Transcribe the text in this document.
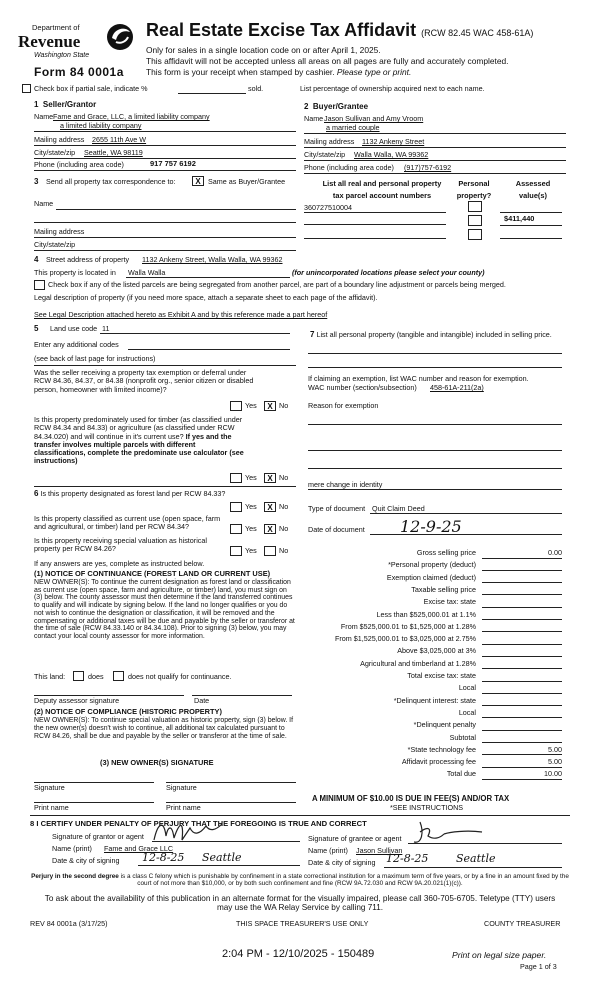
Department of
Revenue
Washington State
Form 84 0001a
Real Estate Excise Tax Affidavit (RCW 82.45 WAC 458-61A)
Only for sales in a single location code on or after April 1, 2025.
This affidavit will not be accepted unless all areas on all pages are fully and accurately completed.
This form is your receipt when stamped by cashier. Please type or print.
Check box if partial sale, indicate %	sold.	List percentage of ownership acquired next to each name.
1 Seller/Grantor
Name Fame and Grace, LLC, a limited liability company
a limited liability company
Mailing address 2655 11th Ave W
City/state/zip Seattle, WA 98119
Phone (including area code)	917 757 6192
2 Buyer/Grantee
Name Jason Sullivan and Amy Vroom
a married couple
Mailing address 1132 Ankeny Street
City/state/zip Walla Walla, WA 99362
Phone (including area code) (917)757-6192
3 Send all property tax correspondence to:	X	Same as Buyer/Grantee
Name
Mailing address
City/state/zip
List all real and personal property
tax parcel account numbers
Personal
property?
Assessed
value(s)
360727510004
$411,440
4 Street address of property 1132 Ankeny Street, Walla Walla, WA 99362
This property is located in Walla Walla	(for unincorporated locations please select your county)
Check box if any of the listed parcels are being segregated from another parcel, are part of a boundary line adjustment or parcels being merged.
Legal description of property (if you need more space, attach a separate sheet to each page of the affidavit).
See Legal Description attached hereto as Exhibit A and by this reference made a part hereof
5 Land use code 11
Enter any additional codes
(see back of last page for instructions)
Was the seller receiving a property tax exemption or deferral under RCW 84.36, 84.37, or 84.38 (nonprofit org., senior citizen or disabled person, homeowner with limited income)?
Yes	X No
Is this property predominately used for timber (as classified under RCW 84.34 and 84.33) or agriculture (as classified under RCW 84.34.020) and will continue in it's current use? If yes and the transfer involves multiple parcels with different classifications, complete the predominate use calculator (see instructions)
Yes	X No
6 Is this property designated as forest land per RCW 84.33?
Yes	X No
Is this property classified as current use (open space, farm and agricultural, or timber) land per RCW 84.34?	Yes	X No
Is this property receiving special valuation as historical property per RCW 84.26?	Yes	No
If any answers are yes, complete as instructed below.
(1) NOTICE OF CONTINUANCE (FOREST LAND OR CURRENT USE)
NEW OWNER(S): To continue the current designation as forest land or classification as current use (open space, farm and agriculture, or timber) land, you must sign on (3) below. The county assessor must then determine if the land transferred continues to qualify and will indicate by signing below. If the land no longer qualifies or you do not wish to continue the designation or classification, it will be removed and the compensating or additional taxes will be due and payable by the seller or transferor at the time of sale (RCW 84.33.140 or 84.34.108). Prior to signing (3) below, you may contact your local county assessor for more information.
This land:	does	does not qualify for continuance.
Deputy assessor signature	Date
(2) NOTICE OF COMPLIANCE (HISTORIC PROPERTY)
NEW OWNER(S): To continue special valuation as historic property, sign (3) below. If the new owner(s) doesn't wish to continue, all additional tax calculated pursuant to RCW 84.26, shall be due and payable by the seller or transferor at the time of sale.
(3) NEW OWNER(S) SIGNATURE
Signature	Signature
Print name	Print name
7 List all personal property (tangible and intangible) included in selling price.
If claiming an exemption, list WAC number and reason for exemption.
WAC number (section/subsection) 458-61A-211(2a)
Reason for exemption
mere change in identity
Type of document Quit Claim Deed
Date of document 12-9-25
Gross selling price	0.00
*Personal property (deduct)
Exemption claimed (deduct)
Taxable selling price
Excise tax: state
Less than $525,000.01 at 1.1%
From $525,000.01 to $1,525,000 at 1.28%
From $1,525,000.01 to $3,025,000 at 2.75%
Above $3,025,000 at 3%
Agricultural and timberland at 1.28%
Total excise tax: state
Local
*Delinquent interest: state
Local
*Delinquent penalty
Subtotal
*State technology fee	5.00
Affidavit processing fee	5.00
Total due	10.00
A MINIMUM OF $10.00 IS DUE IN FEE(S) AND/OR TAX
*SEE INSTRUCTIONS
8 I CERTIFY UNDER PENALTY OF PERJURY THAT THE FOREGOING IS TRUE AND CORRECT
Signature of grantor or agent
Name (print) Fame and Grace LLC
Date & city of signing 12-8-25 Seattle
Signature of grantee or agent
Name (print) Jason Sullivan
Date & city of signing 12-8-25	Seattle
Perjury in the second degree is a class C felony which is punishable by confinement in a state correctional institution for a maximum term of five years, or by a fine in an amount fixed by the court of not more than $10,000, or by both such confinement and fine (RCW 9A.72.030 and RCW 9A.20.021(1)(c)).
To ask about the availability of this publication in an alternate format for the visually impaired, please call 360-705-6705. Teletype (TTY) users may use the WA Relay Service by calling 711.
REV 84 0001a (3/17/25)	THIS SPACE TREASURER'S USE ONLY	COUNTY TREASURER
2:04 PM - 12/10/2025 - 150489	Print on legal size paper.
Page 1 of 3
